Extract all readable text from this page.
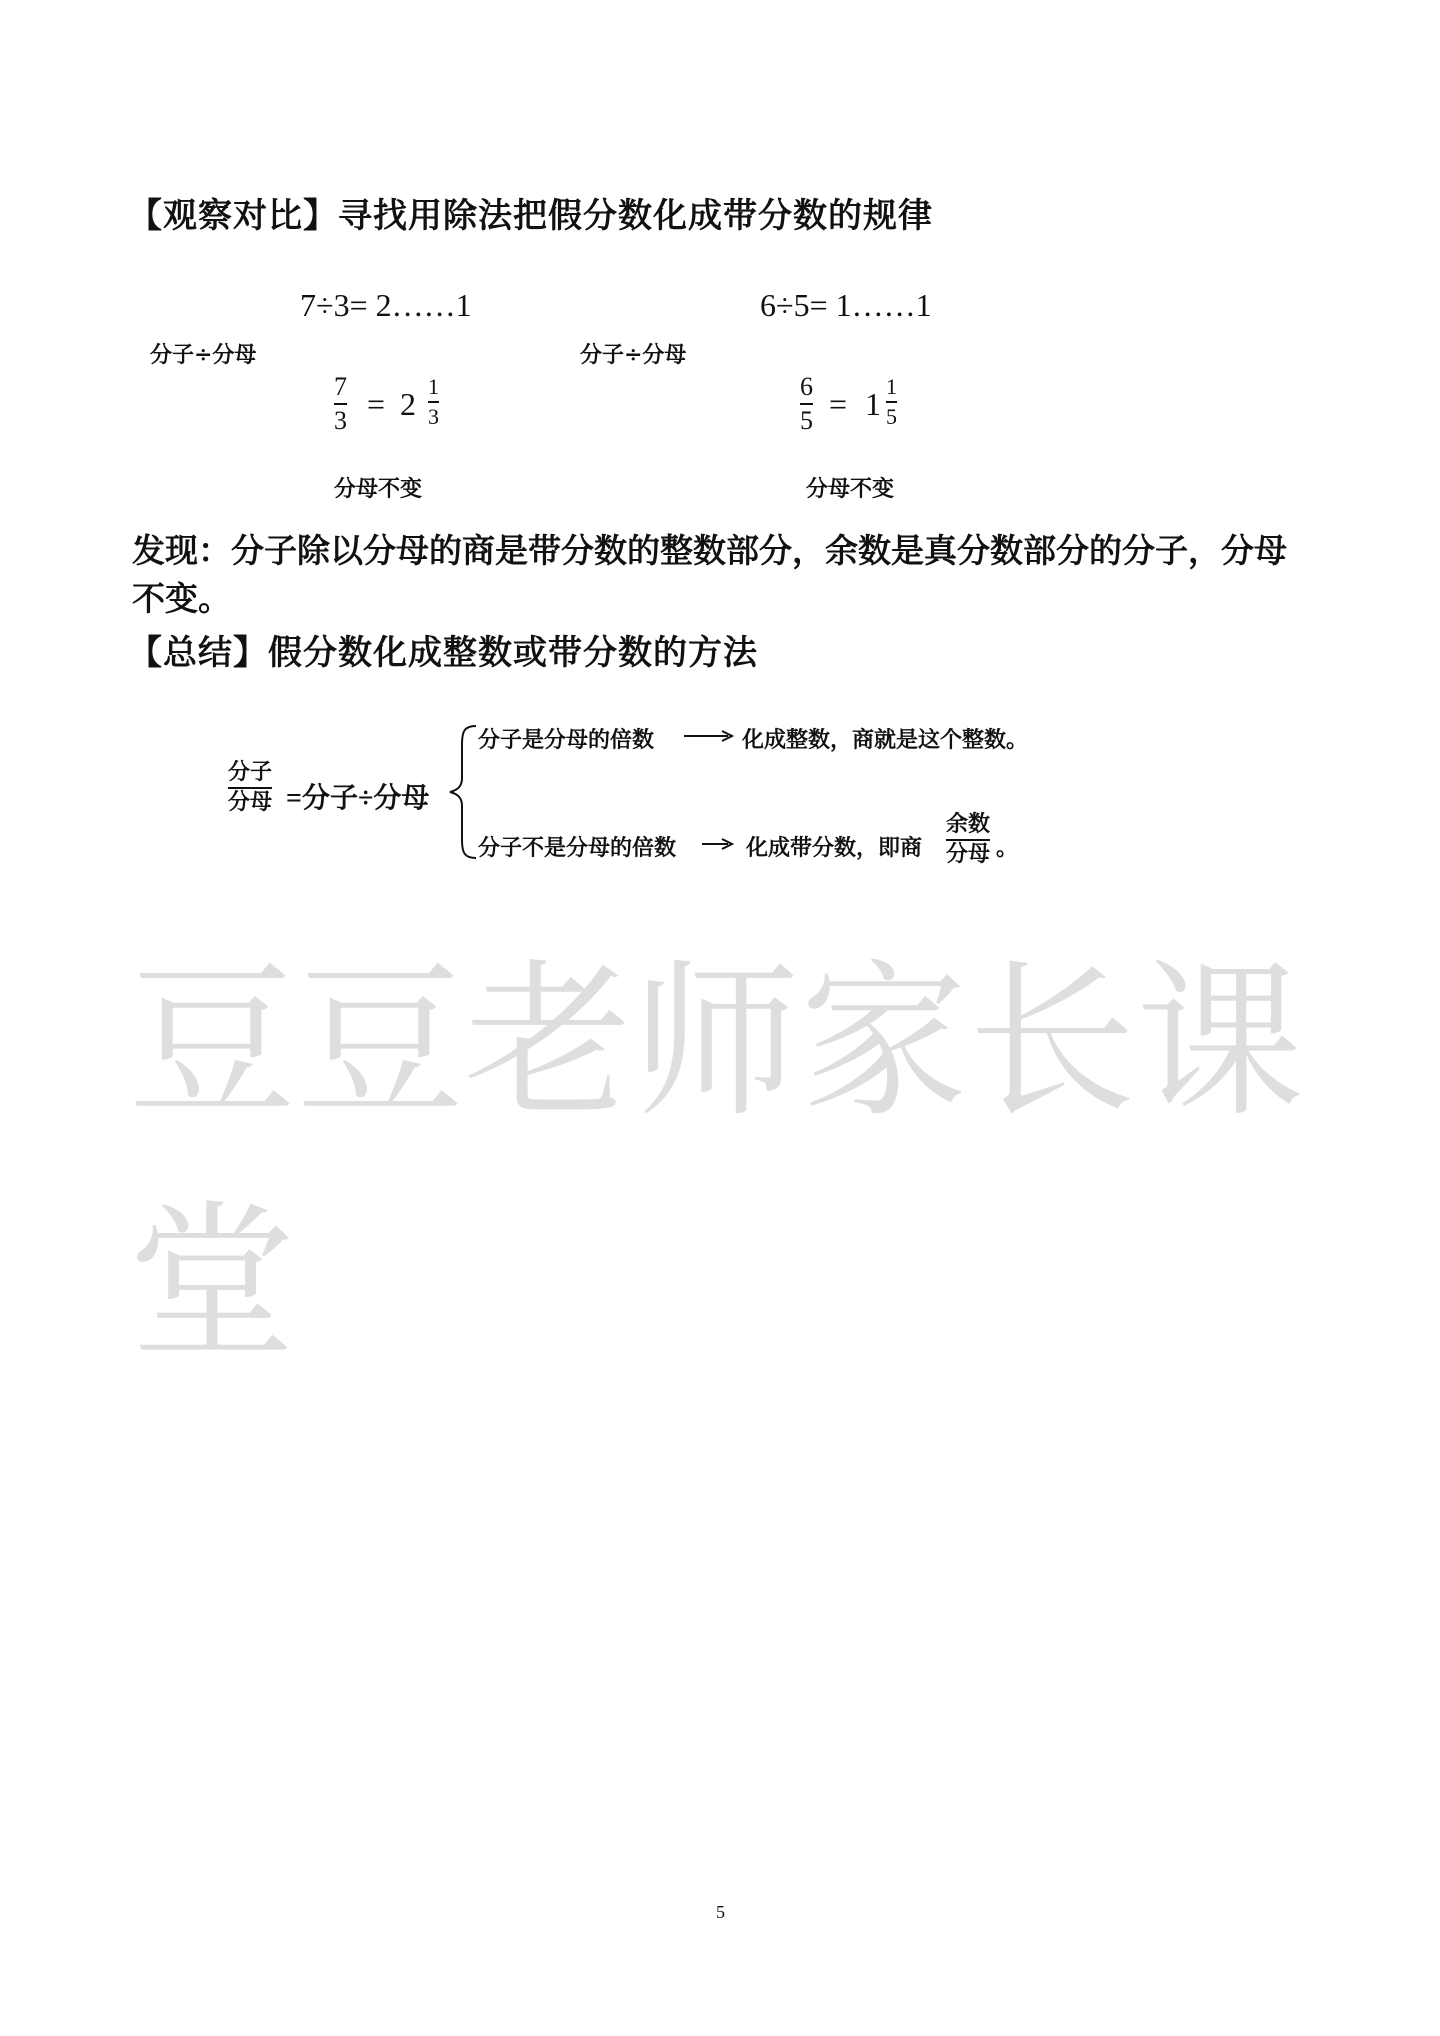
【观察对比】寻找用除法把假分数化成带分数的规律
7÷3= 2……1
分子÷分母
7
3 = 2 1
3
分母不变
6÷5= 1……1
分子÷分母
6
5 = 1 1
5
分母不变
发现：分子除以分母的商是带分数的整数部分，余数是真分数部分的分子，分母
不变。
【总结】假分数化成整数或带分数的方法
分子
分母 =分子÷分母
分子是分母的倍数	化成整数，商就是这个整数。
分子不是分母的倍数	化成带分数，即商
余数
分母 。
豆豆老师家长课堂
5
